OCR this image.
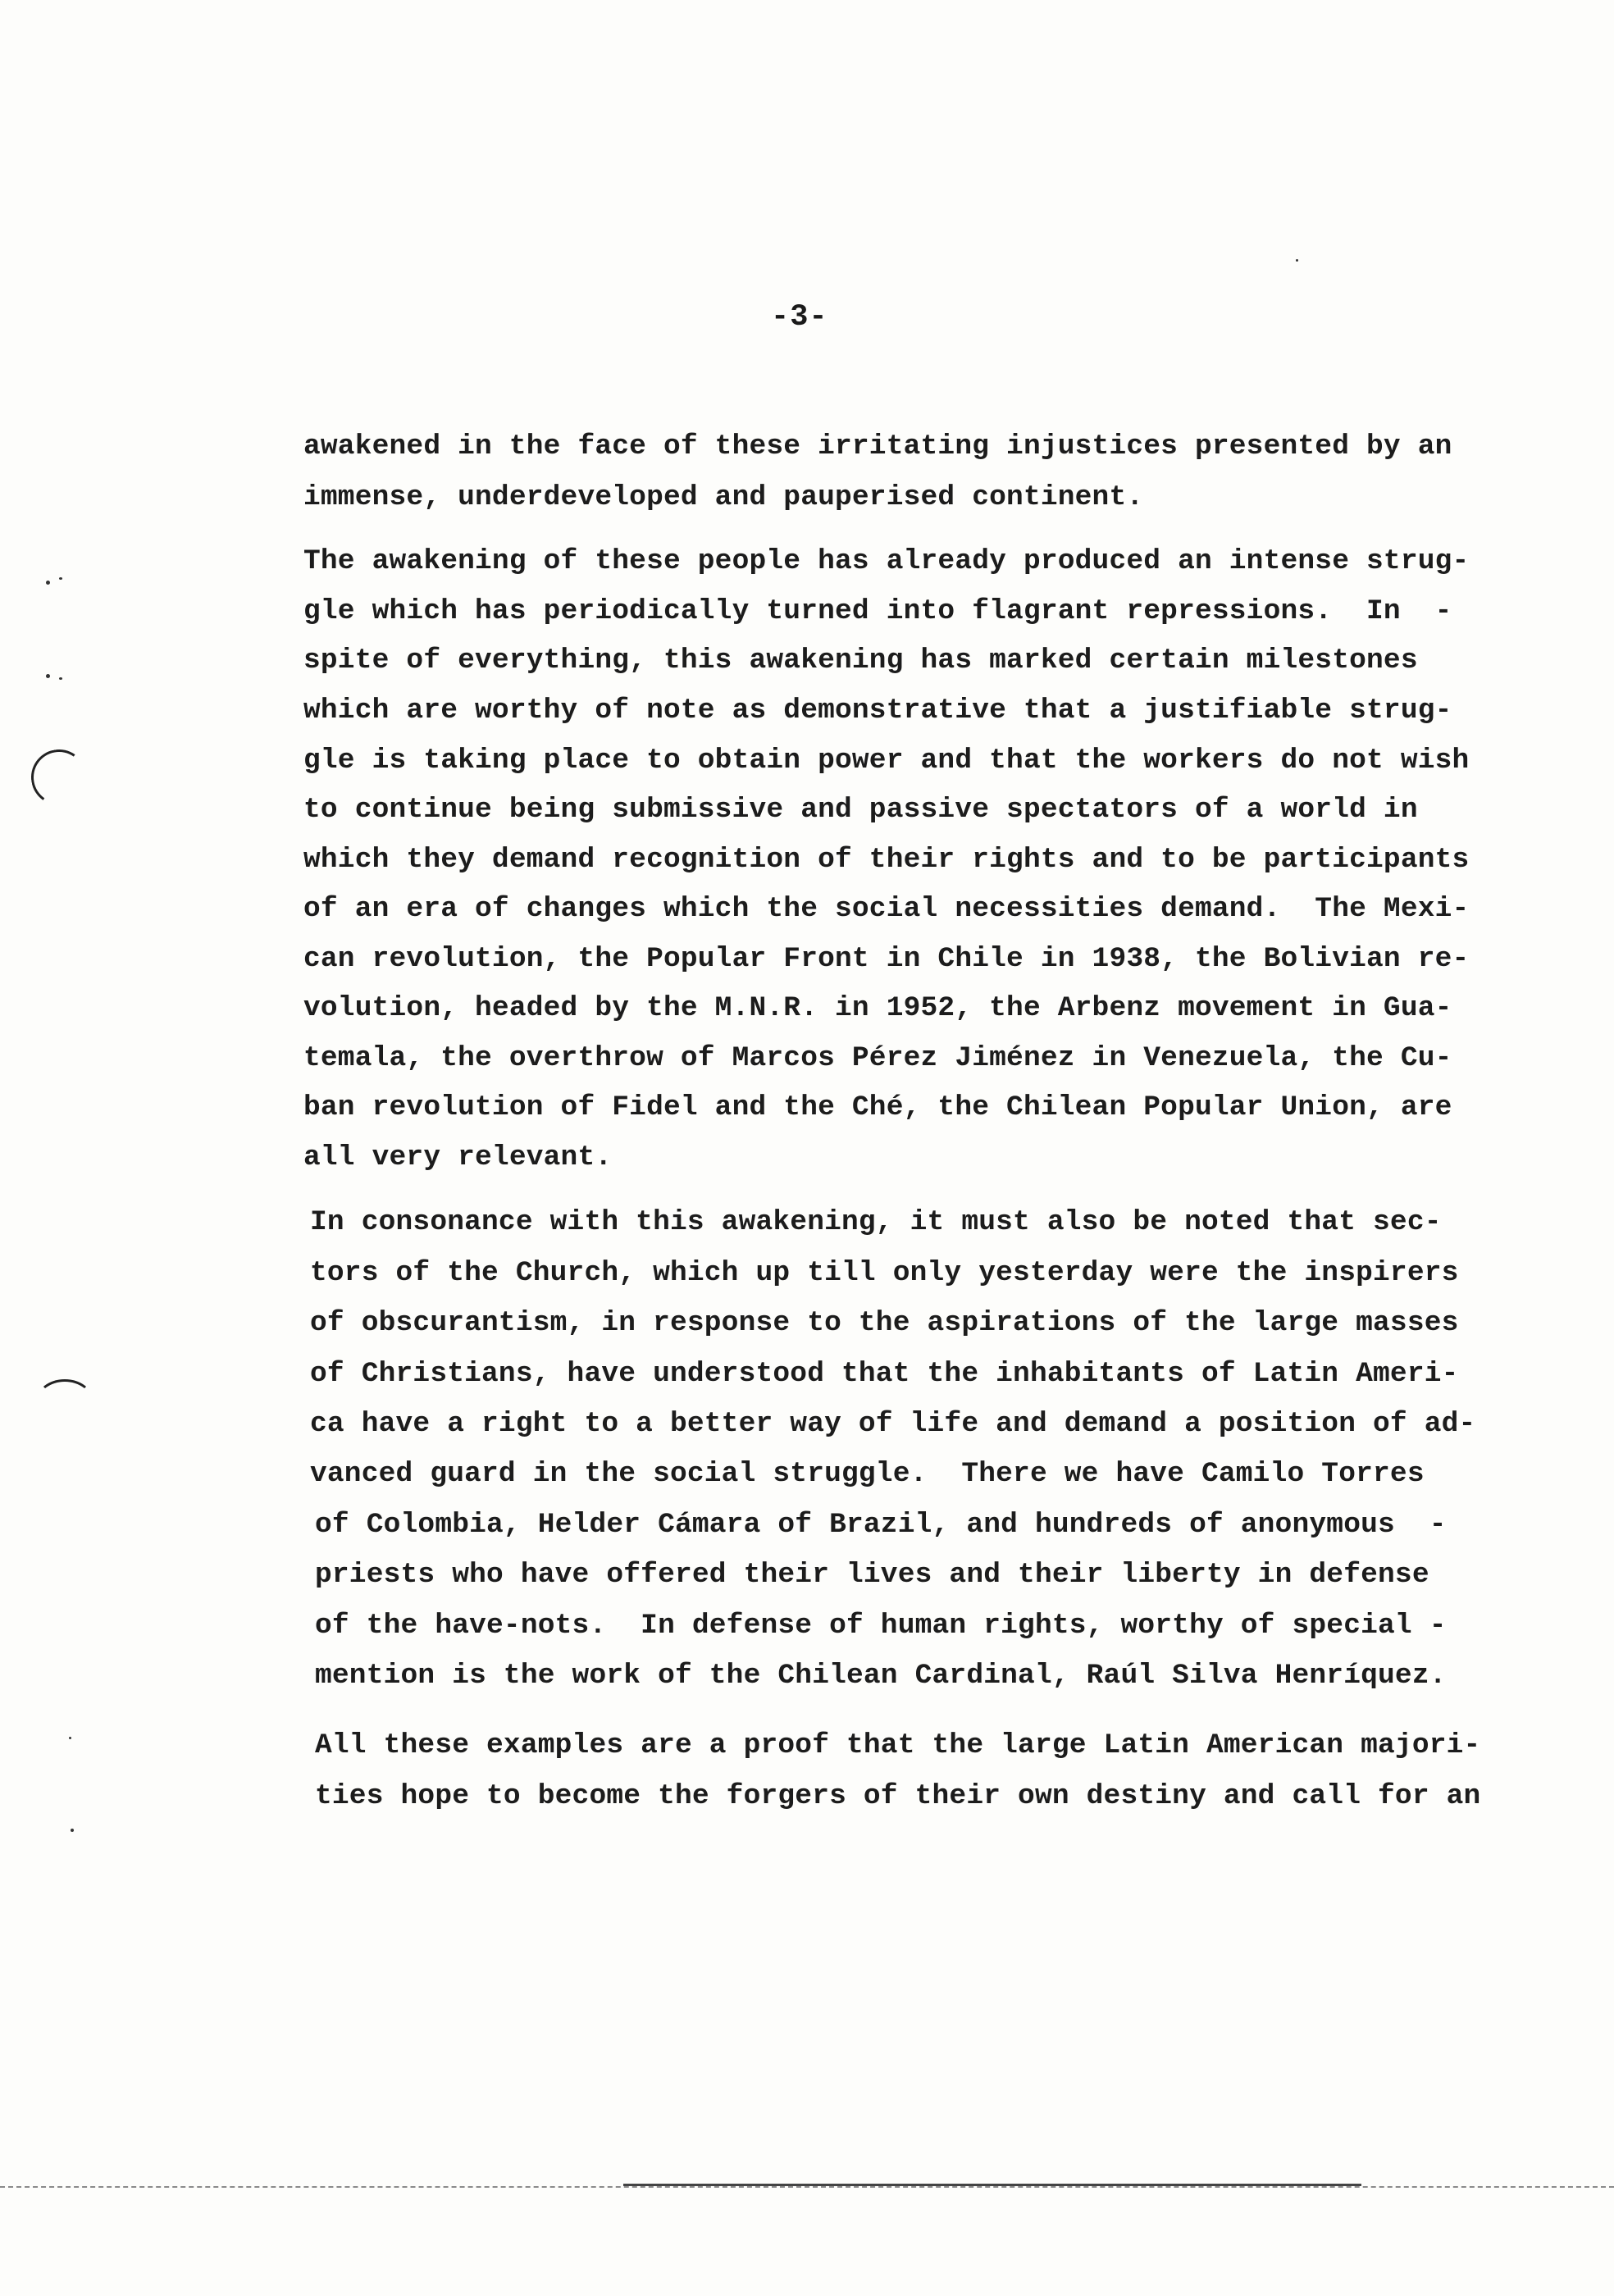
-3-
awakened in the face of these irritating injustices presented by an
immense, underdeveloped and pauperised continent.
The awakening of these people has already produced an intense strug-
gle which has periodically turned into flagrant repressions.  In  -
spite of everything, this awakening has marked certain milestones
which are worthy of note as demonstrative that a justifiable strug-
gle is taking place to obtain power and that the workers do not wish
to continue being submissive and passive spectators of a world in
which they demand recognition of their rights and to be participants
of an era of changes which the social necessities demand.  The Mexi-
can revolution, the Popular Front in Chile in 1938, the Bolivian re-
volution, headed by the M.N.R. in 1952, the Arbenz movement in Gua-
temala, the overthrow of Marcos Pérez Jiménez in Venezuela, the Cu-
ban revolution of Fidel and the Ché, the Chilean Popular Union, are
all very relevant.
In consonance with this awakening, it must also be noted that sec-
tors of the Church, which up till only yesterday were the inspirers
of obscurantism, in response to the aspirations of the large masses
of Christians, have understood that the inhabitants of Latin Ameri-
ca have a right to a better way of life and demand a position of ad-
vanced guard in the social struggle.  There we have Camilo Torres
of Colombia, Helder Cámara of Brazil, and hundreds of anonymous  -
priests who have offered their lives and their liberty in defense
of the have-nots.  In defense of human rights, worthy of special -
mention is the work of the Chilean Cardinal, Raúl Silva Henríquez.
All these examples are a proof that the large Latin American majori-
ties hope to become the forgers of their own destiny and call for an
